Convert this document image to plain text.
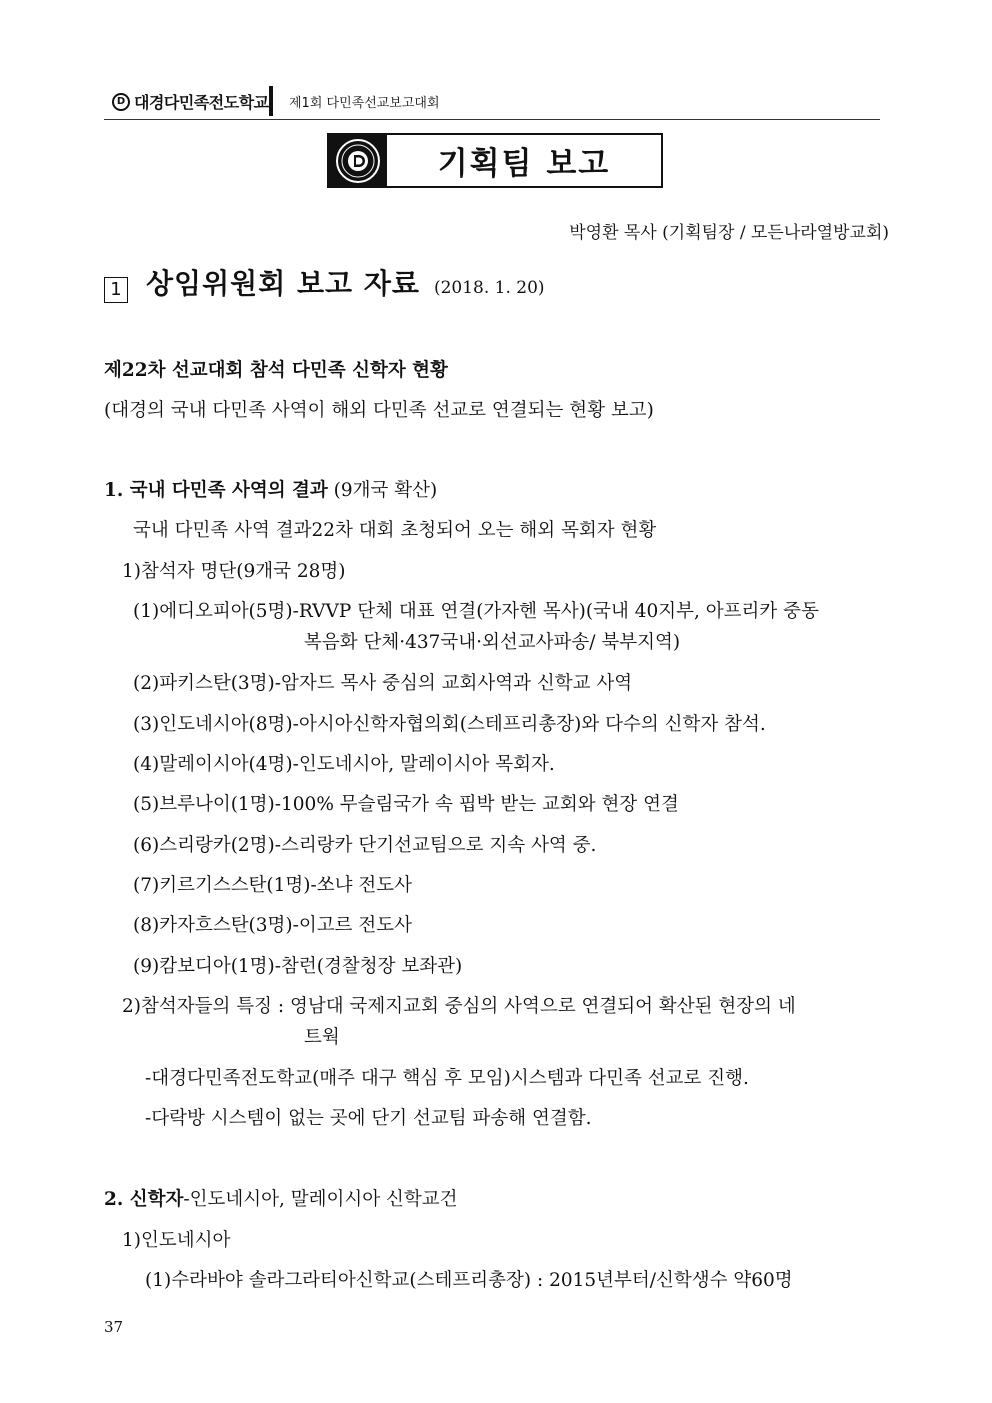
D 대경다민족전도학교 제1회 다민족선교보고대회
기획팀 보고
박영환 목사 (기획팀장 / 모든나라열방교회)
1 상임위원회 보고 자료 (2018. 1. 20)
제22차 선교대회 참석 다민족 신학자 현황
(대경의 국내 다민족 사역이 해외 다민족 선교로 연결되는 현황 보고)
1. 국내 다민족 사역의 결과 (9개국 확산)
국내 다민족 사역 결과22차 대회 초청되어 오는 해외 목회자 현황
1)참석자 명단(9개국 28명)
(1)에디오피아(5명)-RVVP 단체 대표 연결(가자헨 목사)(국내 40지부, 아프리카 중동
복음화 단체·437국내·외선교사파송/ 북부지역)
(2)파키스탄(3명)-암자드 목사 중심의 교회사역과 신학교 사역
(3)인도네시아(8명)-아시아신학자협의회(스테프리총장)와 다수의 신학자 참석.
(4)말레이시아(4명)-인도네시아, 말레이시아 목회자.
(5)브루나이(1명)-100% 무슬림국가 속 핍박 받는 교회와 현장 연결
(6)스리랑카(2명)-스리랑카 단기선교팀으로 지속 사역 중.
(7)키르기스스탄(1명)-쏘냐 전도사
(8)카자흐스탄(3명)-이고르 전도사
(9)캄보디아(1명)-참런(경찰청장 보좌관)
2)참석자들의 특징 : 영남대 국제지교회 중심의 사역으로 연결되어 확산된 현장의 네
트웍
-대경다민족전도학교(매주 대구 핵심 후 모임)시스템과 다민족 선교로 진행.
-다락방 시스템이 없는 곳에 단기 선교팀 파송해 연결함.
2. 신학자-인도네시아, 말레이시아 신학교건
1)인도네시아
(1)수라바야 솔라그라티아신학교(스테프리총장) : 2015년부터/신학생수 약60명
37
